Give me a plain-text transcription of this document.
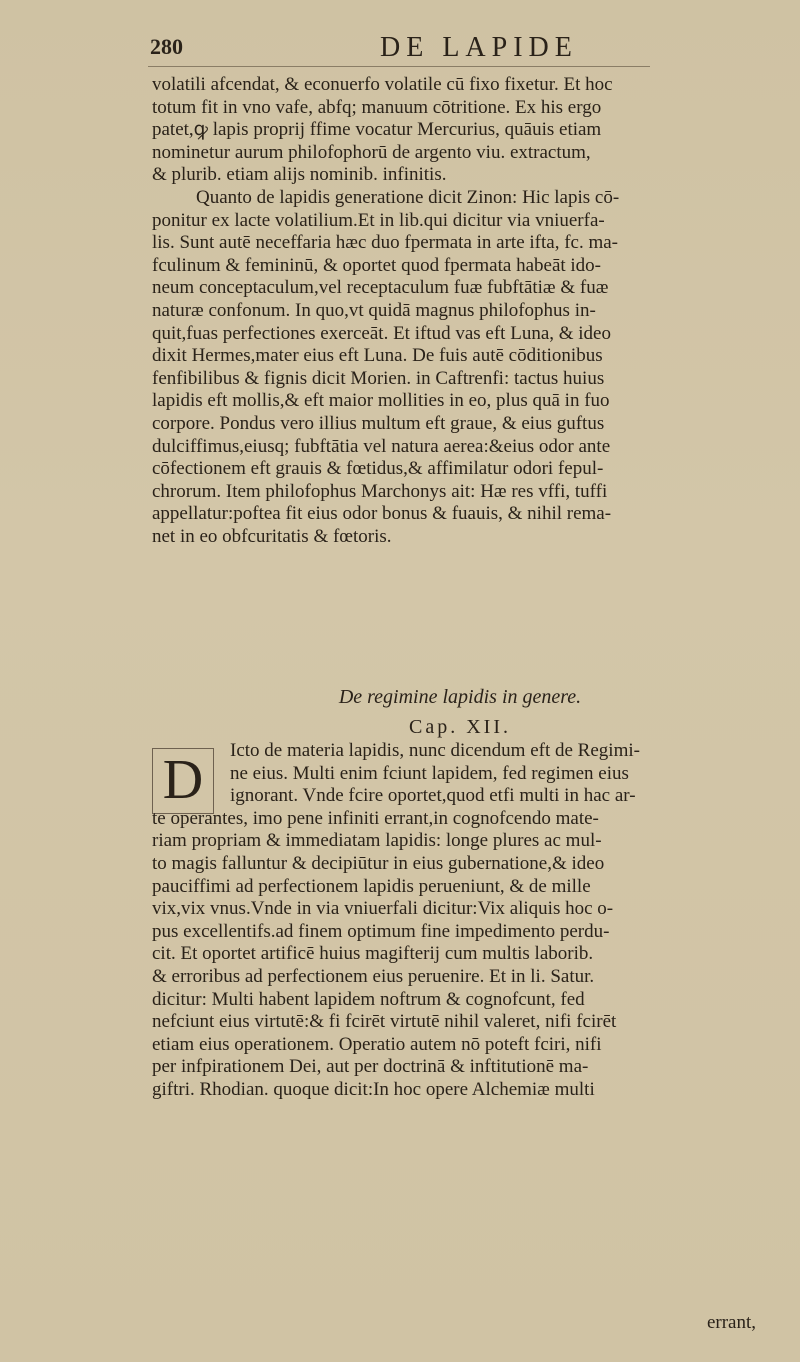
280	DE LAPIDE
volatili afcendat, & econuerfo volatile cū fixo fixetur. Et hoc
totum fit in vno vafe, abfq; manuum cōtritione. Ex his ergo
patet,ꝙ lapis proprij ffime vocatur Mercurius, quāuis etiam
nominetur aurum philofophorū de argento viu. extractum,
& plurib. etiam alijs nominib. infinitis.
Quanto de lapidis generatione dicit Zinon: Hic lapis cō-
ponitur ex lacte volatilium.Et in lib.qui dicitur via vniuerfa-
lis. Sunt autē neceffaria hæc duo fpermata in arte ifta, fc. ma-
fculinum & femininū, & oportet quod fpermata habeāt ido-
neum conceptaculum,vel receptaculum fuæ fubftātiæ & fuæ
naturæ confonum. In quo,vt quidā magnus philofophus in-
quit,fuas perfectiones exerceāt. Et iftud vas eft Luna, & ideo
dixit Hermes,mater eius eft Luna. De fuis autē cōditionibus
fenfibilibus & fignis dicit Morien. in Caftrenfi: tactus huius
lapidis eft mollis,& eft maior mollities in eo, plus quā in fuo
corpore. Pondus vero illius multum eft graue, & eius guftus
dulciffimus,eiusq; fubftātia vel natura aerea:&eius odor ante
cōfectionem eft grauis & fœtidus,& affimilatur odori fepul-
chrorum. Item philofophus Marchonys ait: Hæ res vffi, tuffi
appellatur:poftea fit eius odor bonus & fuauis, & nihil rema-
net in eo obfcuritatis & fœtoris.
De regimine lapidis in genere.
Cap. XII.
D	Icto de materia lapidis, nunc dicendum eft de Regimi-
ne eius. Multi enim fciunt lapidem, fed regimen eius
ignorant. Vnde fcire oportet,quod etfi multi in hac ar-
te operantes, imo pene infiniti errant,in cognofcendo mate-
riam propriam & immediatam lapidis: longe plures ac mul-
to magis falluntur & decipiūtur in eius gubernatione,& ideo
pauciffimi ad perfectionem lapidis perueniunt, & de mille
vix,vix vnus.Vnde in via vniuerfali dicitur:Vix aliquis hoc o-
pus excellentifs.ad finem optimum fine impedimento perdu-
cit. Et oportet artificē huius magifterij cum multis laborib.
& erroribus ad perfectionem eius peruenire. Et in li. Satur.
dicitur: Multi habent lapidem noftrum & cognofcunt, fed
nefciunt eius virtutē:& fi fcirēt virtutē nihil valeret, nifi fcirēt
etiam eius operationem. Operatio autem nō poteft fciri, nifi
per infpirationem Dei, aut per doctrinā & inftitutionē ma-
giftri. Rhodian. quoque dicit:In hoc opere Alchemiæ multi
errant,
